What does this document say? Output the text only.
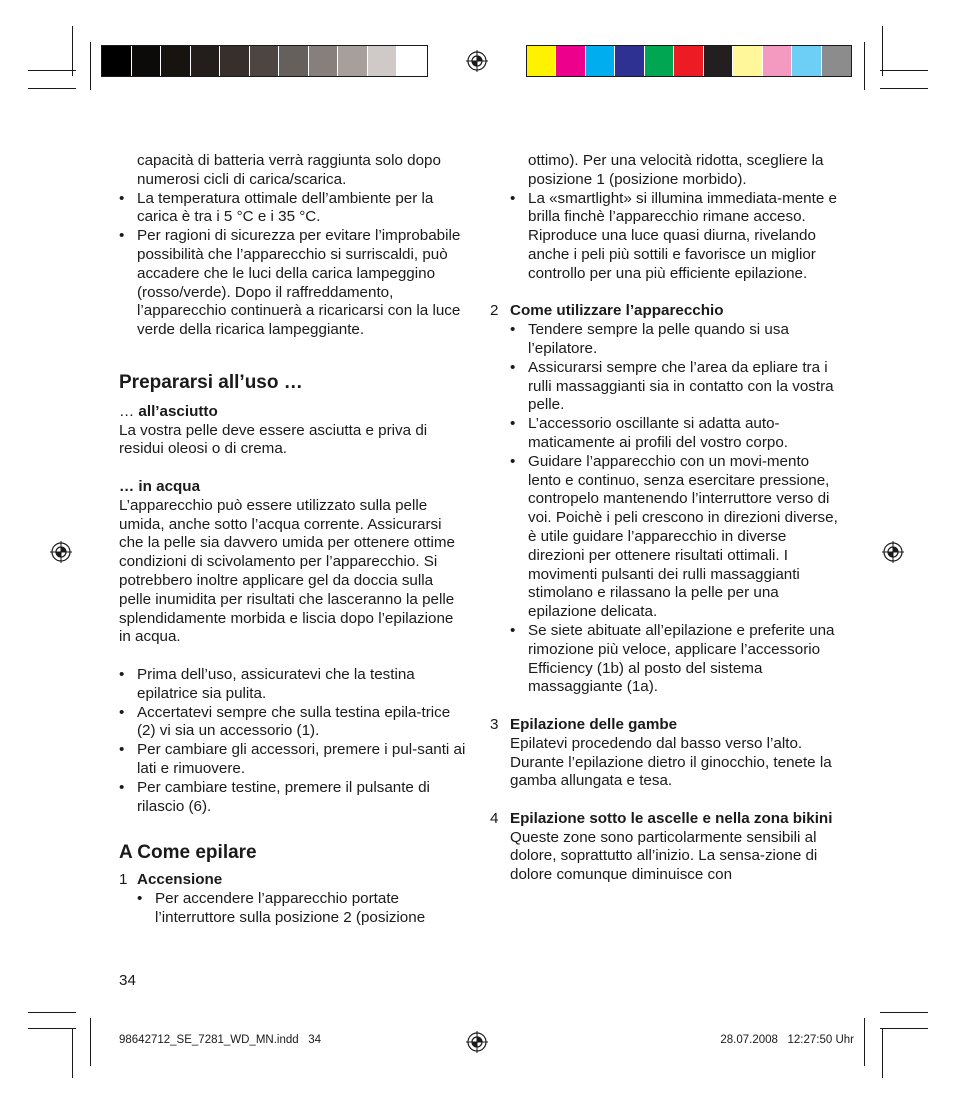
capacità di batteria verrà raggiunta solo dopo numerosi cicli di carica/scarica.

• La temperatura ottimale dell’ambiente per la carica è tra i 5 °C e i 35 °C.
• Per ragioni di sicurezza per evitare l’improbabile possibilità che l’apparecchio si surriscaldi, può accadere che le luci della carica lampeggino (rosso/verde). Dopo il raffreddamento, l’apparecchio continuerà a ricaricarsi con la luce verde della ricarica lampeggiante.
Prepararsi all’uso …

… all’asciutto

La vostra pelle deve essere asciutta e priva di residui oleosi o di crema.

… in acqua

L’apparecchio può essere utilizzato sulla pelle umida, anche sotto l’acqua corrente. Assicurarsi che la pelle sia davvero umida per ottenere ottime condizioni di scivolamento per l’apparecchio. Si potrebbero inoltre applicare gel da doccia sulla pelle inumidita per risultati che lasceranno la pelle splendidamente morbida e liscia dopo l’epilazione in acqua.

• Prima dell’uso, assicuratevi che la testina epilatrice sia pulita.
• Accertatevi sempre che sulla testina epila-trice (2) vi sia un accessorio (1).
• Per cambiare gli accessori, premere i pul-santi ai lati e rimuovere.
• Per cambiare testine, premere il pulsante di rilascio (6).
A Come epilare
1 Accensione

• Per accendere l’apparecchio portate l’interruttore sulla posizione 2 (posizione

ottimo). Per una velocità ridotta, scegliere la posizione 1 (posizione morbido).

• La «smartlight» si illumina immediata-mente e brilla finchè l’apparecchio rimane acceso. Riproduce una luce quasi diurna, rivelando anche i peli più sottili e favorisce un miglior controllo per una più efficiente epilazione.
2 Come utilizzare l’apparecchio

• Tendere sempre la pelle quando si usa l’epilatore.
• Assicurarsi sempre che l’area da epliare tra i rulli massaggianti sia in contatto con la vostra pelle.
• L’accessorio oscillante si adatta auto-maticamente ai profili del vostro corpo.
• Guidare l’apparecchio con un movi-mento lento e continuo, senza esercitare pressione, contropelo mantenendo l’interruttore verso di voi. Poichè i peli crescono in direzioni diverse, è utile guidare l’apparecchio in diverse direzioni per ottenere risultati ottimali. I movimenti pulsanti dei rulli massaggianti stimolano e rilassano la pelle per una epilazione delicata.
• Se siete abituate all’epilazione e preferite una rimozione più veloce, applicare l’accessorio Efficiency (1b) al posto del sistema massaggiante (1a).
3 Epilazione delle gambe

Epilatevi procedendo dal basso verso l’alto. Durante l’epilazione dietro il ginocchio, tenete la gamba allungata e tesa.

4 Epilazione sotto le ascelle e nella zona bikini

Queste zone sono particolarmente sensibili al dolore, soprattutto all’inizio. La sensa-zione di dolore comunque diminuisce con

34
98642712_SE_7281_WD_MN.indd   34	28.07.2008   12:27:50 Uhr
